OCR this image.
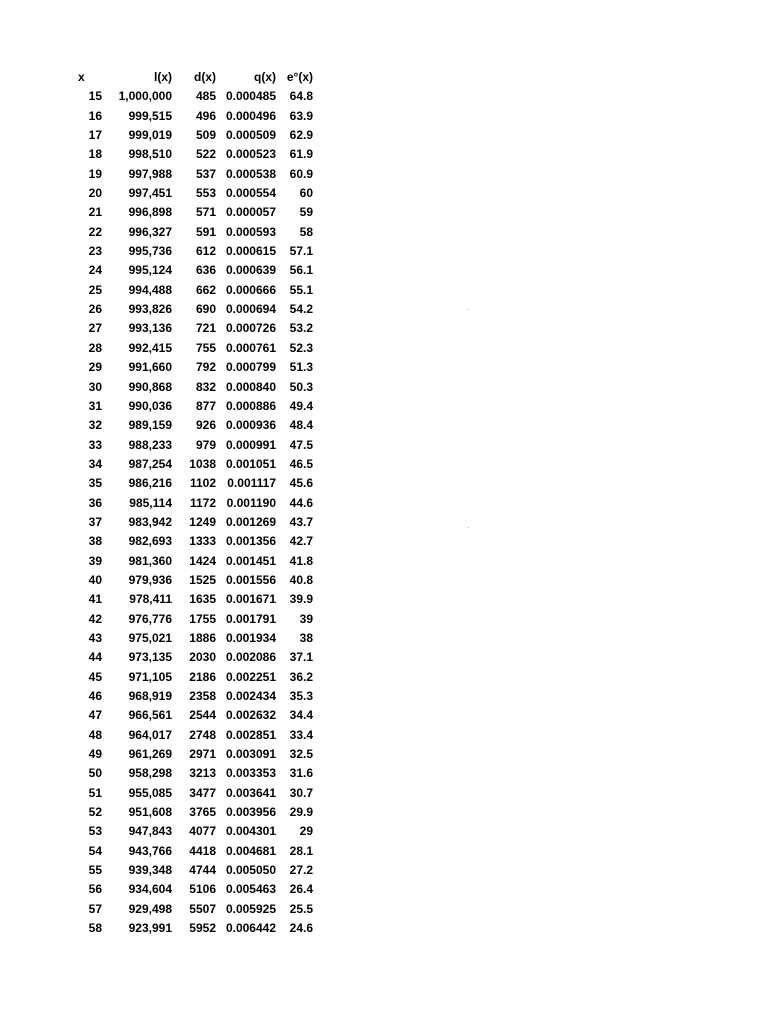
x	l(x)	d(x)	q(x)	e°(x)
15	1,000,000	485	0.000485	64.8
16	999,515	496	0.000496	63.9
17	999,019	509	0.000509	62.9
18	998,510	522	0.000523	61.9
19	997,988	537	0.000538	60.9
20	997,451	553	0.000554	60
21	996,898	571	0.000057	59
22	996,327	591	0.000593	58
23	995,736	612	0.000615	57.1
24	995,124	636	0.000639	56.1
25	994,488	662	0.000666	55.1
26	993,826	690	0.000694	54.2
27	993,136	721	0.000726	53.2
28	992,415	755	0.000761	52.3
29	991,660	792	0.000799	51.3
30	990,868	832	0.000840	50.3
31	990,036	877	0.000886	49.4
32	989,159	926	0.000936	48.4
33	988,233	979	0.000991	47.5
34	987,254	1038	0.001051	46.5
35	986,216	1102	0.001117	45.6
36	985,114	1172	0.001190	44.6
37	983,942	1249	0.001269	43.7
38	982,693	1333	0.001356	42.7
39	981,360	1424	0.001451	41.8
40	979,936	1525	0.001556	40.8
41	978,411	1635	0.001671	39.9
42	976,776	1755	0.001791	39
43	975,021	1886	0.001934	38
44	973,135	2030	0.002086	37.1
45	971,105	2186	0.002251	36.2
46	968,919	2358	0.002434	35.3
47	966,561	2544	0.002632	34.4
48	964,017	2748	0.002851	33.4
49	961,269	2971	0.003091	32.5
50	958,298	3213	0.003353	31.6
51	955,085	3477	0.003641	30.7
52	951,608	3765	0.003956	29.9
53	947,843	4077	0.004301	29
54	943,766	4418	0.004681	28.1
55	939,348	4744	0.005050	27.2
56	934,604	5106	0.005463	26.4
57	929,498	5507	0.005925	25.5
58	923,991	5952	0.006442	24.6
